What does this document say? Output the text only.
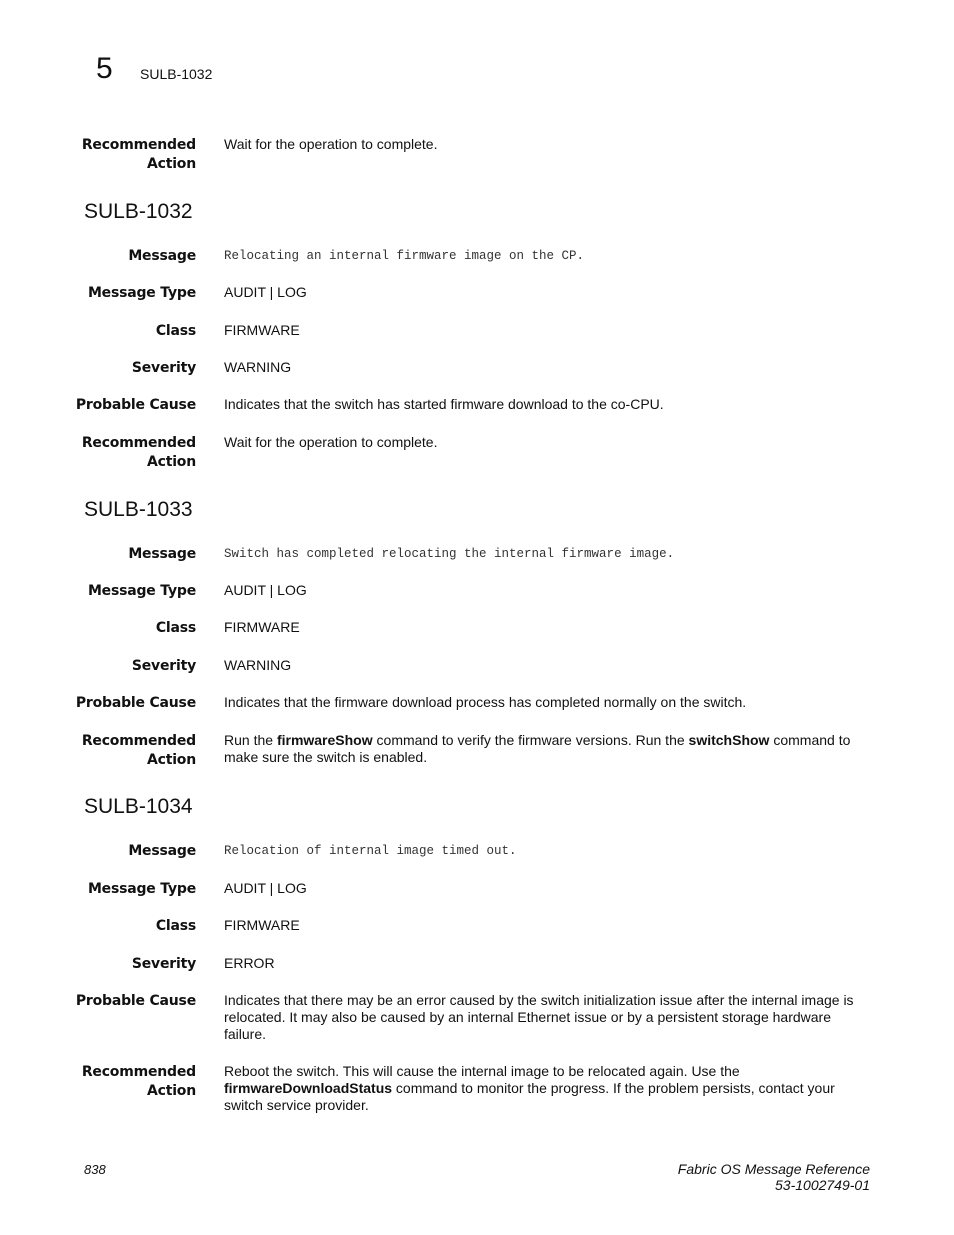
5 SULB-1032
Recommended
Action
Wait for the operation to complete.
SULB-1032
Message Relocating an internal firmware image on the CP.
Message Type AUDIT | LOG
Class FIRMWARE
Severity WARNING
Probable Cause Indicates that the switch has started firmware download to the co-CPU.
Recommended
Action
Wait for the operation to complete.
SULB-1033
Message Switch has completed relocating the internal firmware image.
Message Type AUDIT | LOG
Class FIRMWARE
Severity WARNING
Probable Cause Indicates that the firmware download process has completed normally on the switch.
Recommended
Action
Run the firmwareShow command to verify the firmware versions. Run the switchShow command to make sure the switch is enabled.
SULB-1034
Message Relocation of internal image timed out.
Message Type AUDIT | LOG
Class FIRMWARE
Severity ERROR
Probable Cause Indicates that there may be an error caused by the switch initialization issue after the internal image is relocated. It may also be caused by an internal Ethernet issue or by a persistent storage hardware failure.
Recommended
Action
Reboot the switch. This will cause the internal image to be relocated again. Use the firmwareDownloadStatus command to monitor the progress. If the problem persists, contact your switch service provider.
838	Fabric OS Message Reference
53-1002749-01
